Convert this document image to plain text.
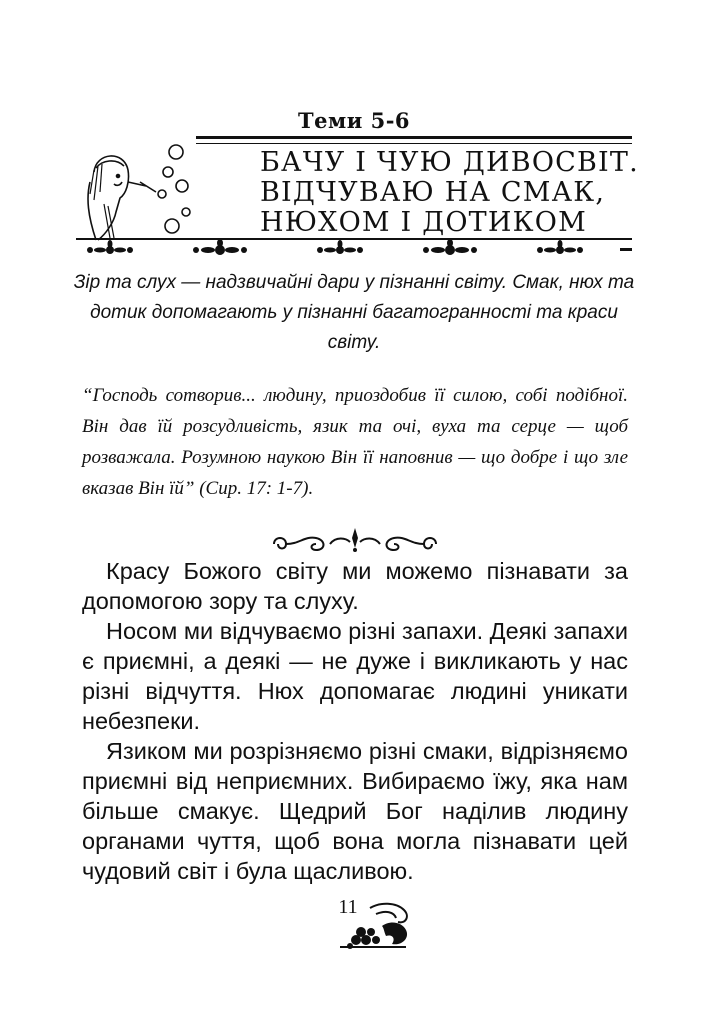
Теми 5-6
БАЧУ І ЧУЮ ДИВОСВІТ.
ВІДЧУВАЮ НА СМАК,
НЮХОМ І ДОТИКОМ
Зір та слух — надзвичайні дари у пізнанні світу. Смак, нюх та дотик допомагають у пізнанні багатогранності та краси світу.
“Господь сотворив... людину, приоздобив її силою, собі подібної. Він дав їй розсудливість, язик та очі, вуха та серце — щоб розважала. Розумною наукою Він її наповнив — що добре і що зле вказав Він їй” (Сир. 17: 1-7).

Красу Божого світу ми можемо пізнавати за допомогою зору та слуху.

Носом ми відчуваємо різні запахи. Деякі запахи є приємні, а деякі — не дуже і викликають у нас різні відчуття. Нюх допомагає людині уникати небезпеки.

Язиком ми розрізняємо різні смаки, відрізняємо приємні від неприємних. Вибираємо їжу, яка нам більше смакує. Щедрий Бог наділив людину органами чуття, щоб вона могла пізнавати цей чудовий світ і була щасливою.

11
